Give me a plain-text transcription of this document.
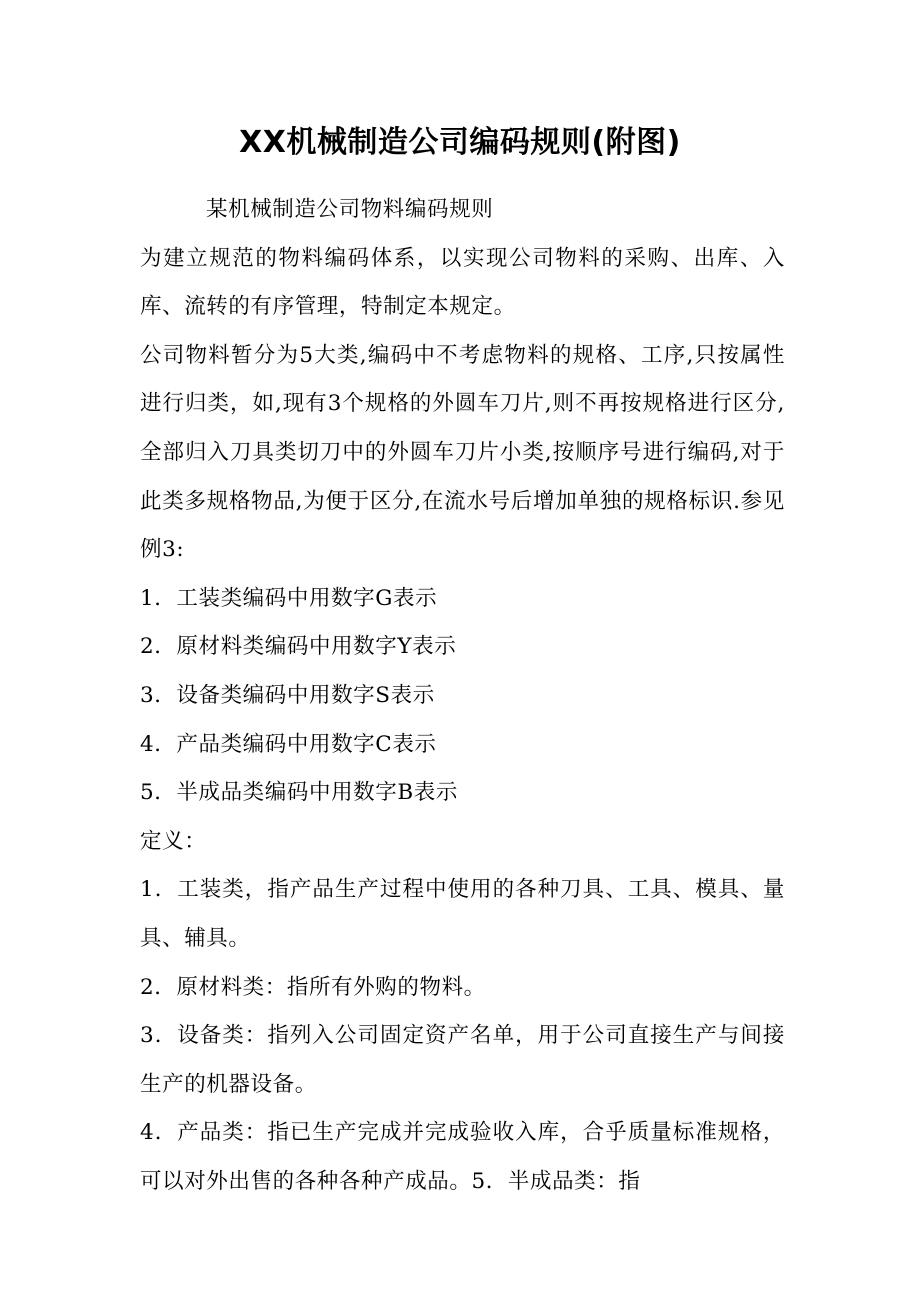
XX机械制造公司编码规则(附图)

某机械制造公司物料编码规则

为建立规范的物料编码体系，以实现公司物料的采购、出库、入库、流转的有序管理，特制定本规定。

公司物料暂分为5大类,编码中不考虑物料的规格、工序,只按属性进行归类，如,现有3个规格的外圆车刀片,则不再按规格进行区分,全部归入刀具类切刀中的外圆车刀片小类,按顺序号进行编码,对于此类多规格物品,为便于区分,在流水号后增加单独的规格标识.参见例3:

1．工装类编码中用数字G表示

2．原材料类编码中用数字Y表示

3．设备类编码中用数字S表示

4．产品类编码中用数字C表示

5．半成品类编码中用数字B表示

定义：

1．工装类，指产品生产过程中使用的各种刀具、工具、模具、量具、辅具。

2．原材料类：指所有外购的物料。

3．设备类：指列入公司固定资产名单，用于公司直接生产与间接生产的机器设备。

4．产品类：指已生产完成并完成验收入库，合乎质量标准规格，可以对外出售的各种各种产成品。5．半成品类：指
